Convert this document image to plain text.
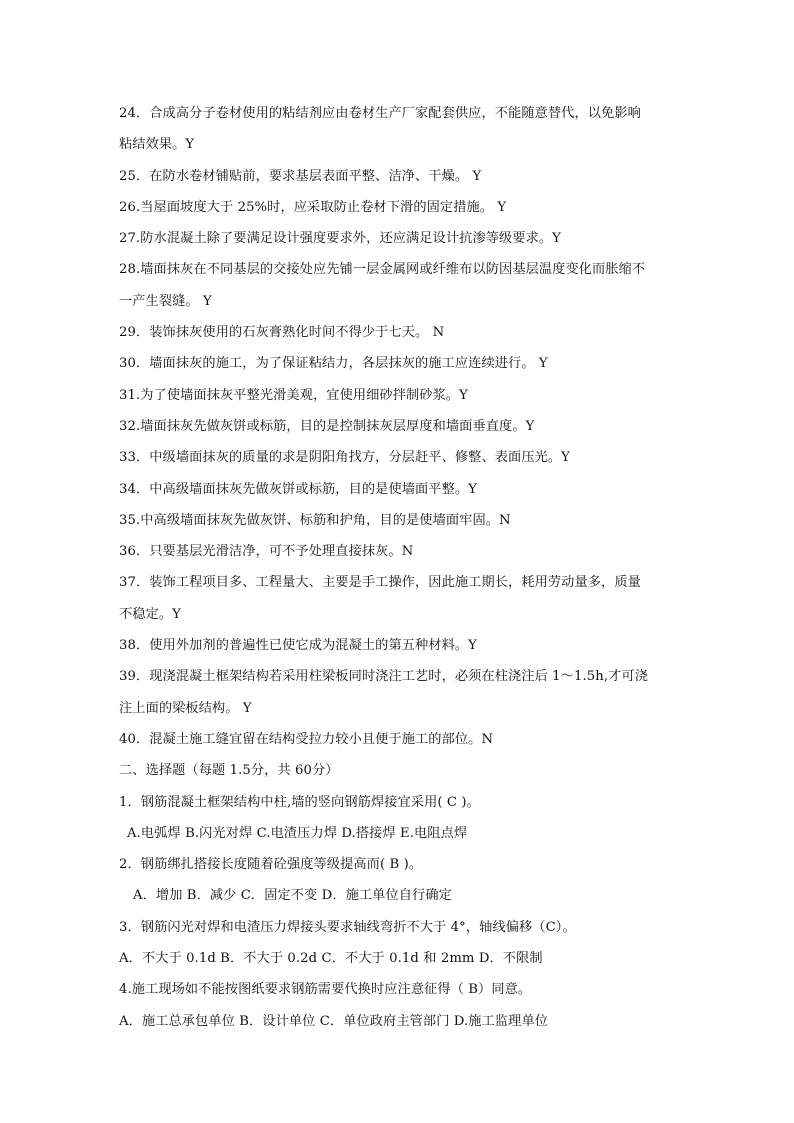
24．合成高分子卷材使用的粘结剂应由卷材生产厂家配套供应，不能随意替代，以免影响
粘结效果。Y
25．在防水卷材铺贴前，要求基层表面平整、洁净、干燥。 Y
26.当屋面坡度大于 25%时，应采取防止卷材下滑的固定措施。 Y
27.防水混凝土除了要满足设计强度要求外，还应满足设计抗渗等级要求。Y
28.墙面抹灰在不同基层的交接处应先铺一层金属网或纤维布以防因基层温度变化而胀缩不
一产生裂缝。 Y
29．装饰抹灰使用的石灰膏熟化时间不得少于七天。 N
30．墙面抹灰的施工，为了保证粘结力，各层抹灰的施工应连续进行。 Y
31.为了使墙面抹灰平整光滑美观，宜使用细砂拌制砂浆。Y
32.墙面抹灰先做灰饼或标筋，目的是控制抹灰层厚度和墙面垂直度。Y
33．中级墙面抹灰的质量的求是阴阳角找方，分层赶平、修整、表面压光。Y
34．中高级墙面抹灰先做灰饼或标筋，目的是使墙面平整。Y
35.中高级墙面抹灰先做灰饼、标筋和护角，目的是使墙面牢固。N
36．只要基层光滑洁净，可不予处理直接抹灰。N
37．装饰工程项目多、工程量大、主要是手工操作，因此施工期长，耗用劳动量多，质量
不稳定。Y
38．使用外加剂的普遍性已使它成为混凝土的第五种材料。Y
39．现浇混凝土框架结构若采用柱梁板同时浇注工艺时，必须在柱浇注后 1～1.5h,才可浇
注上面的梁板结构。 Y
40．混凝土施工缝宜留在结构受拉力较小且便于施工的部位。N
二、选择题（每题 1.5分，共 60分）
1．钢筋混凝土框架结构中柱,墙的竖向钢筋焊接宜采用( C )。
A.电弧焊 B.闪光对焊 C.电渣压力焊 D.搭接焊 E.电阻点焊
2．钢筋绑扎搭接长度随着砼强度等级提高而( B )。
A．增加 B．减少 C．固定不变 D．施工单位自行确定
3．钢筋闪光对焊和电渣压力焊接头要求轴线弯折不大于 4°，轴线偏移（C）。
A．不大于 0.1d B．不大于 0.2d C．不大于 0.1d 和 2mm D．不限制
4.施工现场如不能按图纸要求钢筋需要代换时应注意征得（ B）同意。
A．施工总承包单位 B．设计单位 C．单位政府主管部门 D.施工监理单位
